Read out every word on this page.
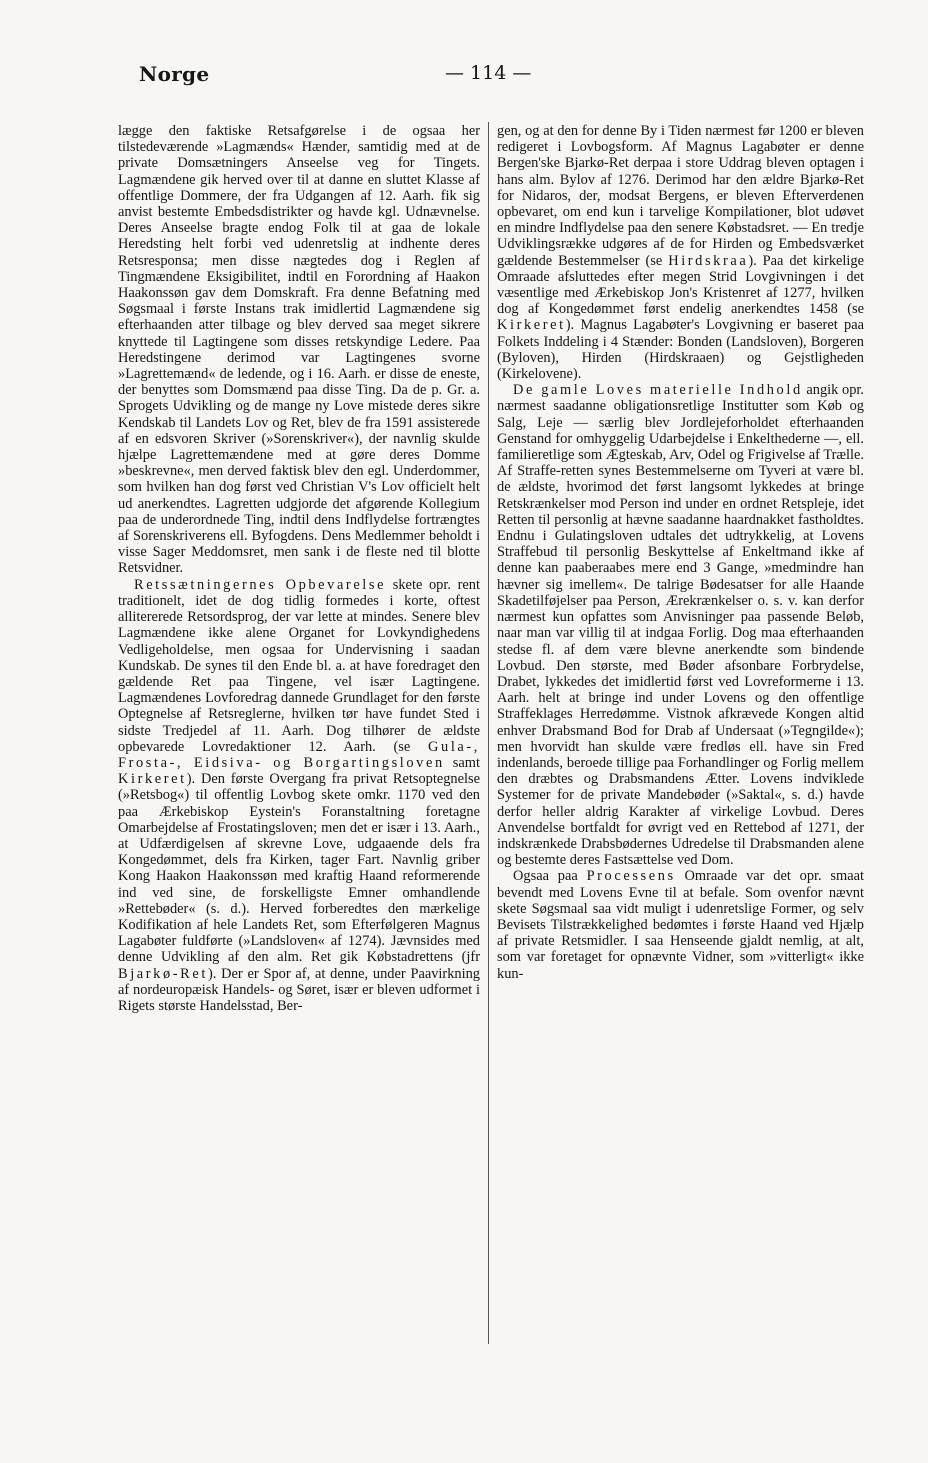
Norge	— 114 —

lægge den faktiske Retsafgørelse i de ogsaa her tilstedeværende »Lagmænds« Hænder, samtidig med at de private Domsætningers Anseelse veg for Tingets. Lagmændene gik herved over til at danne en sluttet Klasse af offentlige Dommere, der fra Udgangen af 12. Aarh. fik sig anvist bestemte Embedsdistrikter og havde kgl. Udnævnelse. Deres Anseelse bragte endog Folk til at gaa de lokale Heredsting helt forbi ved udenretslig at indhente deres Retsresponsa; men disse nægtedes dog i Reglen af Tingmændene Eksigibilitet, indtil en Forordning af Haakon Haakonssøn gav dem Domskraft. Fra denne Befatning med Søgsmaal i første Instans trak imidlertid Lagmændene sig efterhaanden atter tilbage og blev derved saa meget sikrere knyttede til Lagtingene som disses retskyndige Ledere. Paa Heredstingene derimod var Lagtingenes svorne »Lagrettemænd« de ledende, og i 16. Aarh. er disse de eneste, der benyttes som Domsmænd paa disse Ting. Da de p. Gr. a. Sprogets Udvikling og de mange ny Love mistede deres sikre Kendskab til Landets Lov og Ret, blev de fra 1591 assisterede af en edsvoren Skriver (»Sorenskriver«), der navnlig skulde hjælpe Lagrettemændene med at gøre deres Domme »beskrevne«, men derved faktisk blev den egl. Underdommer, som hvilken han dog først ved Christian V's Lov officielt helt ud anerkendtes. Lagretten udgjorde det afgørende Kollegium paa de underordnede Ting, indtil dens Indflydelse fortrængtes af Sorenskriverens ell. Byfogdens. Dens Medlemmer beholdt i visse Sager Meddomsret, men sank i de fleste ned til blotte Retsvidner.

Retssætningernes Opbevarelse skete opr. rent traditionelt, idet de dog tidlig formedes i korte, oftest allitererede Retsordsprog, der var lette at mindes. Senere blev Lagmændene ikke alene Organet for Lovkyndighedens Vedligeholdelse, men ogsaa for Undervisning i saadan Kundskab. De synes til den Ende bl. a. at have foredraget den gældende Ret paa Tingene, vel især Lagtingene. Lagmændenes Lovforedrag dannede Grundlaget for den første Optegnelse af Retsreglerne, hvilken tør have fundet Sted i sidste Tredjedel af 11. Aarh. Dog tilhører de ældste opbevarede Lovredaktioner 12. Aarh. (se Gula-, Frosta-, Eidsiva- og Borgartingsloven samt Kirkeret). Den første Overgang fra privat Retsoptegnelse (»Retsbog«) til offentlig Lovbog skete omkr. 1170 ved den paa Ærkebiskop Eystein's Foranstaltning foretagne Omarbejdelse af Frostatingsloven; men det er især i 13. Aarh., at Udfærdigelsen af skrevne Love, udgaaende dels fra Kongedømmet, dels fra Kirken, tager Fart. Navnlig griber Kong Haakon Haakonssøn med kraftig Haand reformerende ind ved sine, de forskelligste Emner omhandlende »Rettebøder« (s. d.). Herved forberedtes den mærkelige Kodifikation af hele Landets Ret, som Efterfølgeren Magnus Lagabøter fuldførte (»Landsloven« af 1274). Jævnsides med denne Udvikling af den alm. Ret gik Købstadrettens (jfr Bjarkø-Ret). Der er Spor af, at denne, under Paavirkning af nordeuropæisk Handels- og Søret, især er bleven udformet i Rigets største Handelsstad, Ber-

gen, og at den for denne By i Tiden nærmest før 1200 er bleven redigeret i Lovbogsform. Af Magnus Lagabøter er denne Bergen'ske Bjarkø-Ret derpaa i store Uddrag bleven optagen i hans alm. Bylov af 1276. Derimod har den ældre Bjarkø-Ret for Nidaros, der, modsat Bergens, er bleven Efterverdenen opbevaret, om end kun i tarvelige Kompilationer, blot udøvet en mindre Indflydelse paa den senere Købstadsret. — En tredje Udviklingsrække udgøres af de for Hirden og Embedsværket gældende Bestemmelser (se Hirdskraa). Paa det kirkelige Omraade afsluttedes efter megen Strid Lovgivningen i det væsentlige med Ærkebiskop Jon's Kristenret af 1277, hvilken dog af Kongedømmet først endelig anerkendtes 1458 (se Kirkeret). Magnus Lagabøter's Lovgivning er baseret paa Folkets Inddeling i 4 Stænder: Bonden (Landsloven), Borgeren (Byloven), Hirden (Hirdskraaen) og Gejstligheden (Kirkelovene).

De gamle Loves materielle Indhold angik opr. nærmest saadanne obligationsretlige Institutter som Køb og Salg, Leje — særlig blev Jordlejeforholdet efterhaanden Genstand for omhyggelig Udarbejdelse i Enkelthederne —, ell. familieretlige som Ægteskab, Arv, Odel og Frigivelse af Trælle. Af Straffe-retten synes Bestemmelserne om Tyveri at være bl. de ældste, hvorimod det først langsomt lykkedes at bringe Retskrænkelser mod Person ind under en ordnet Retspleje, idet Retten til personlig at hævne saadanne haardnakket fastholdtes. Endnu i Gulatingsloven udtales det udtrykkelig, at Lovens Straffebud til personlig Beskyttelse af Enkeltmand ikke af denne kan paaberaabes mere end 3 Gange, »medmindre han hævner sig imellem«. De talrige Bødesatser for alle Haande Skadetilføjelser paa Person, Ærekrænkelser o. s. v. kan derfor nærmest kun opfattes som Anvisninger paa passende Beløb, naar man var villig til at indgaa Forlig. Dog maa efterhaanden stedse fl. af dem være blevne anerkendte som bindende Lovbud. Den største, med Bøder afsonbare Forbrydelse, Drabet, lykkedes det imidlertid først ved Lovreformerne i 13. Aarh. helt at bringe ind under Lovens og den offentlige Straffeklages Herredømme. Vistnok afkrævede Kongen altid enhver Drabsmand Bod for Drab af Undersaat (»Tegngilde«); men hvorvidt han skulde være fredløs ell. have sin Fred indenlands, beroede tillige paa Forhandlinger og Forlig mellem den dræbtes og Drabsmandens Ætter. Lovens indviklede Systemer for de private Mandebøder (»Saktal«, s. d.) havde derfor heller aldrig Karakter af virkelige Lovbud. Deres Anvendelse bortfaldt for øvrigt ved en Rettebod af 1271, der indskrænkede Drabsbødernes Udredelse til Drabsmanden alene og bestemte deres Fastsættelse ved Dom.

Ogsaa paa Processens Omraade var det opr. smaat bevendt med Lovens Evne til at befale. Som ovenfor nævnt skete Søgsmaal saa vidt muligt i udenretslige Former, og selv Bevisets Tilstrækkelighed bedømtes i første Haand ved Hjælp af private Retsmidler. I saa Henseende gjaldt nemlig, at alt, som var foretaget for opnævnte Vidner, som »vitterligt« ikke kun-
